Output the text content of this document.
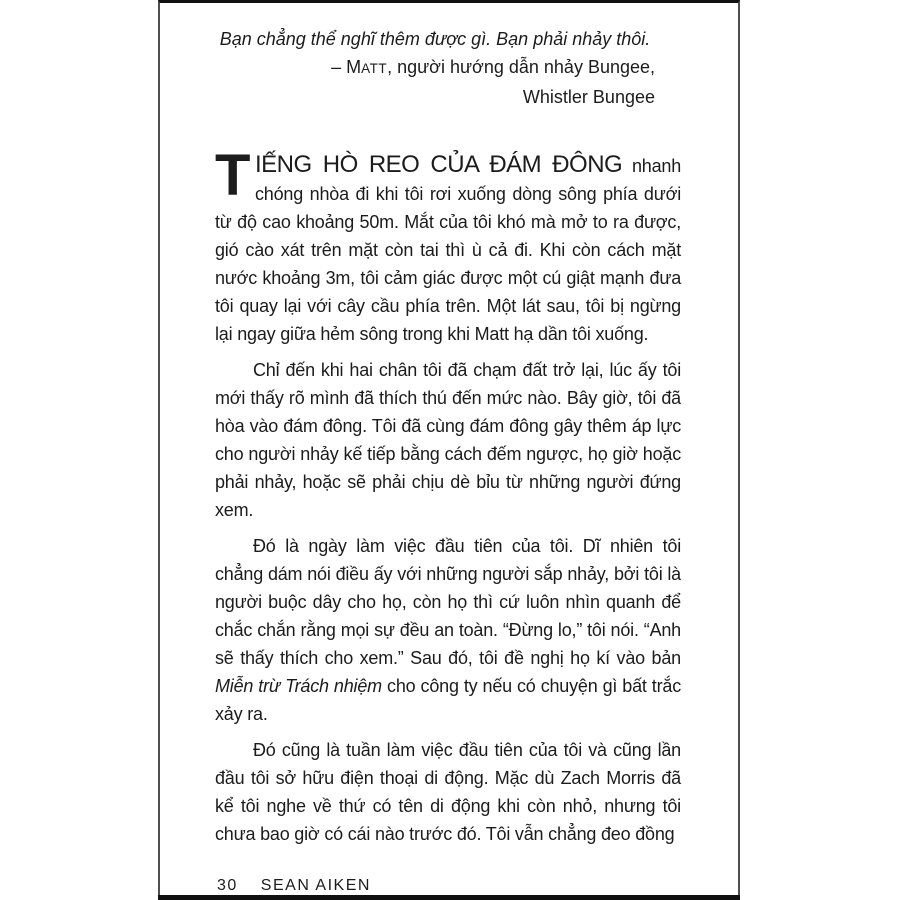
Bạn chẳng thể nghĩ thêm được gì. Bạn phải nhảy thôi.
– MATT, người hướng dẫn nhảy Bungee,
Whistler Bungee

TIẾNG HÒ REO CỦA ĐÁM ĐÔNG nhanh chóng nhòa đi khi tôi rơi xuống dòng sông phía dưới từ độ cao khoảng 50m. Mắt của tôi khó mà mở to ra được, gió cào xát trên mặt còn tai thì ù cả đi. Khi còn cách mặt nước khoảng 3m, tôi cảm giác được một cú giật mạnh đưa tôi quay lại với cây cầu phía trên. Một lát sau, tôi bị ngừng lại ngay giữa hẻm sông trong khi Matt hạ dần tôi xuống.

Chỉ đến khi hai chân tôi đã chạm đất trở lại, lúc ấy tôi mới thấy rõ mình đã thích thú đến mức nào. Bây giờ, tôi đã hòa vào đám đông. Tôi đã cùng đám đông gây thêm áp lực cho người nhảy kế tiếp bằng cách đếm ngược, họ giờ hoặc phải nhảy, hoặc sẽ phải chịu dè bỉu từ những người đứng xem.

Đó là ngày làm việc đầu tiên của tôi. Dĩ nhiên tôi chẳng dám nói điều ấy với những người sắp nhảy, bởi tôi là người buộc dây cho họ, còn họ thì cứ luôn nhìn quanh để chắc chắn rằng mọi sự đều an toàn. “Đừng lo,” tôi nói. “Anh sẽ thấy thích cho xem.” Sau đó, tôi đề nghị họ kí vào bản Miễn trừ Trách nhiệm cho công ty nếu có chuyện gì bất trắc xảy ra.

Đó cũng là tuần làm việc đầu tiên của tôi và cũng lần đầu tôi sở hữu điện thoại di động. Mặc dù Zach Morris đã kể tôi nghe về thứ có tên di động khi còn nhỏ, nhưng tôi chưa bao giờ có cái nào trước đó. Tôi vẫn chẳng đeo đồng

30 SEAN AIKEN
